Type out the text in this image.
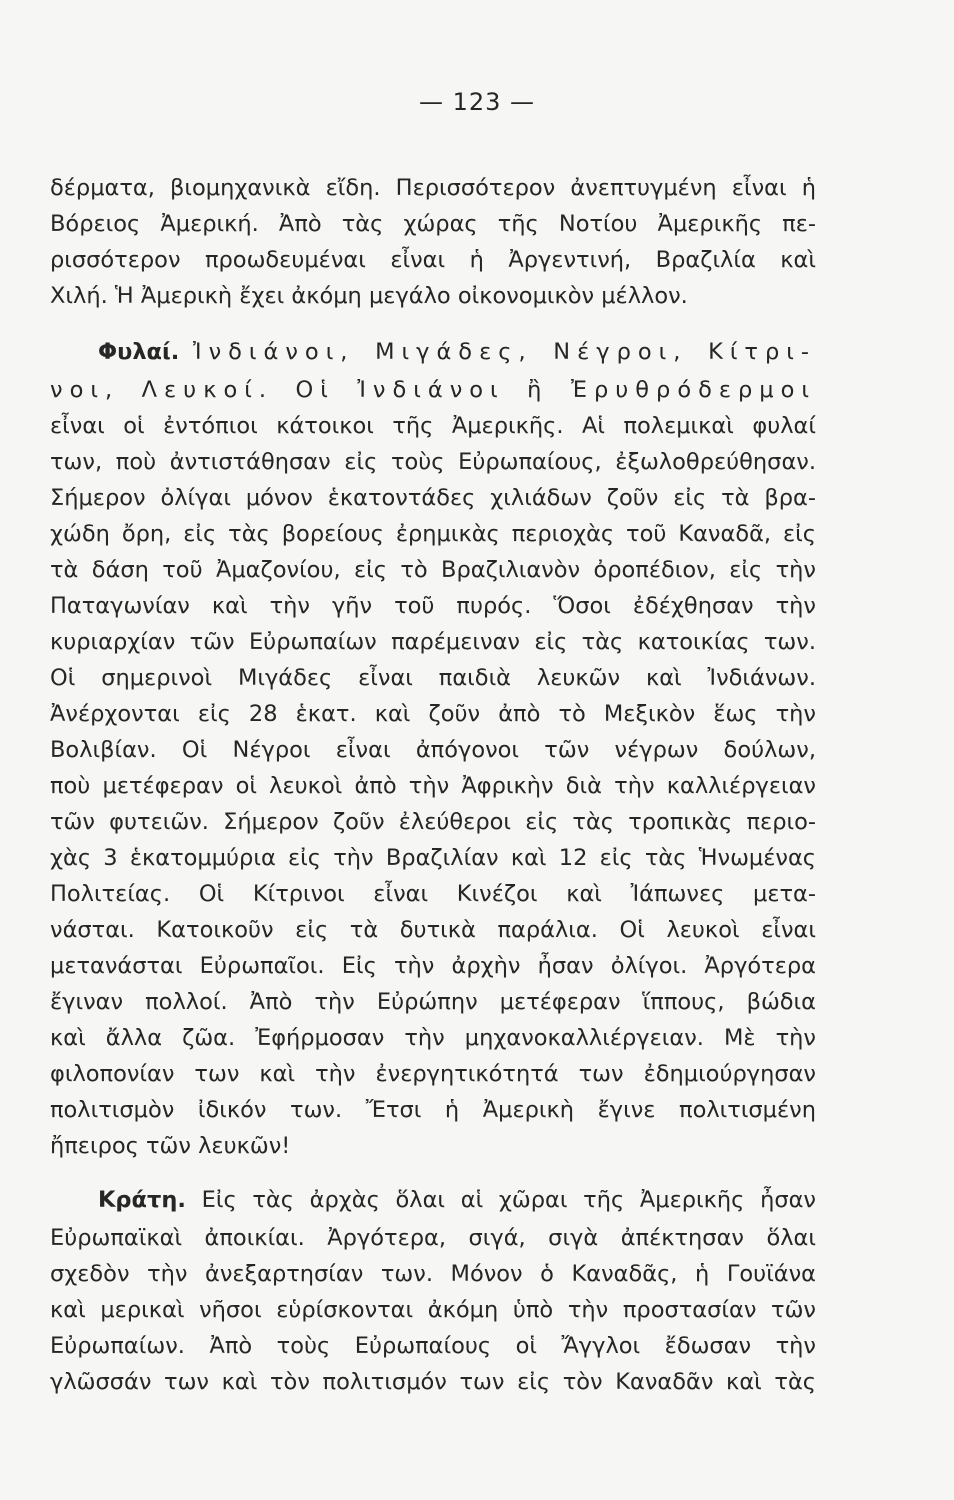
— 123 —
δέρματα, βιομηχανικὰ εἴδη. Περισσότερον ἀνεπτυγμένη εἶναι ἡ
Βόρειος Ἀμερική. Ἀπὸ τὰς χώρας τῆς Νοτίου Ἀμερικῆς πε-
ρισσότερον προωδευμέναι εἶναι ἡ Ἀργεντινή, Βραζιλία καὶ
Χιλή. Ἡ Ἀμερικὴ ἔχει ἀκόμη μεγάλο οἰκονομικὸν μέλλον.
Φυλαί. Ἰνδιάνοι, Μιγάδες, Νέγροι, Κίτρι-
νοι, Λευκοί. Οἱ Ἰνδιάνοι ἢ Ἐρυθρόδερμοι
εἶναι οἱ ἐντόπιοι κάτοικοι τῆς Ἀμερικῆς. Αἱ πολεμικαὶ φυλαί
των, ποὺ ἀντιστάθησαν εἰς τοὺς Εὐρωπαίους, ἐξωλοθρεύθησαν.
Σήμερον ὀλίγαι μόνον ἑκατοντάδες χιλιάδων ζοῦν εἰς τὰ βρα-
χώδη ὄρη, εἰς τὰς βορείους ἐρημικὰς περιοχὰς τοῦ Καναδᾶ, εἰς
τὰ δάση τοῦ Ἀμαζονίου, εἰς τὸ Βραζιλιανὸν ὀροπέδιον, εἰς τὴν
Παταγωνίαν καὶ τὴν γῆν τοῦ πυρός. Ὅσοι ἐδέχθησαν τὴν
κυριαρχίαν τῶν Εὐρωπαίων παρέμειναν εἰς τὰς κατοικίας των.
Οἱ σημερινοὶ Μιγάδες εἶναι παιδιὰ λευκῶν καὶ Ἰνδιάνων.
Ἀνέρχονται εἰς 28 ἑκατ. καὶ ζοῦν ἀπὸ τὸ Μεξικὸν ἕως τὴν
Βολιβίαν. Οἱ Νέγροι εἶναι ἀπόγονοι τῶν νέγρων δούλων,
ποὺ μετέφεραν οἱ λευκοὶ ἀπὸ τὴν Ἀφρικὴν διὰ τὴν καλλιέργειαν
τῶν φυτειῶν. Σήμερον ζοῦν ἐλεύθεροι εἰς τὰς τροπικὰς περιο-
χὰς 3 ἑκατομμύρια εἰς τὴν Βραζιλίαν καὶ 12 εἰς τὰς Ἡνωμένας
Πολιτείας. Οἱ Κίτρινοι εἶναι Κινέζοι καὶ Ἰάπωνες μετα-
νάσται. Κατοικοῦν εἰς τὰ δυτικὰ παράλια. Οἱ λευκοὶ εἶναι
μετανάσται Εὐρωπαῖοι. Εἰς τὴν ἀρχὴν ἦσαν ὀλίγοι. Ἀργότερα
ἔγιναν πολλοί. Ἀπὸ τὴν Εὐρώπην μετέφεραν ἵππους, βώδια
καὶ ἄλλα ζῶα. Ἐφήρμοσαν τὴν μηχανοκαλλιέργειαν. Μὲ τὴν
φιλοπονίαν των καὶ τὴν ἐνεργητικότητά των ἐδημιούργησαν
πολιτισμὸν ἰδικόν των. Ἔτσι ἡ Ἀμερικὴ ἔγινε πολιτισμένη
ἤπειρος τῶν λευκῶν!
Κράτη. Εἰς τὰς ἀρχὰς ὅλαι αἱ χῶραι τῆς Ἀμερικῆς ἦσαν
Εὐρωπαϊκαὶ ἀποικίαι. Ἀργότερα, σιγά, σιγὰ ἀπέκτησαν ὅλαι
σχεδὸν τὴν ἀνεξαρτησίαν των. Μόνον ὁ Καναδᾶς, ἡ Γουϊάνα
καὶ μερικαὶ νῆσοι εὑρίσκονται ἀκόμη ὑπὸ τὴν προστασίαν τῶν
Εὐρωπαίων. Ἀπὸ τοὺς Εὐρωπαίους οἱ Ἄγγλοι ἔδωσαν τὴν
γλῶσσάν των καὶ τὸν πολιτισμόν των εἰς τὸν Καναδᾶν καὶ τὰς
